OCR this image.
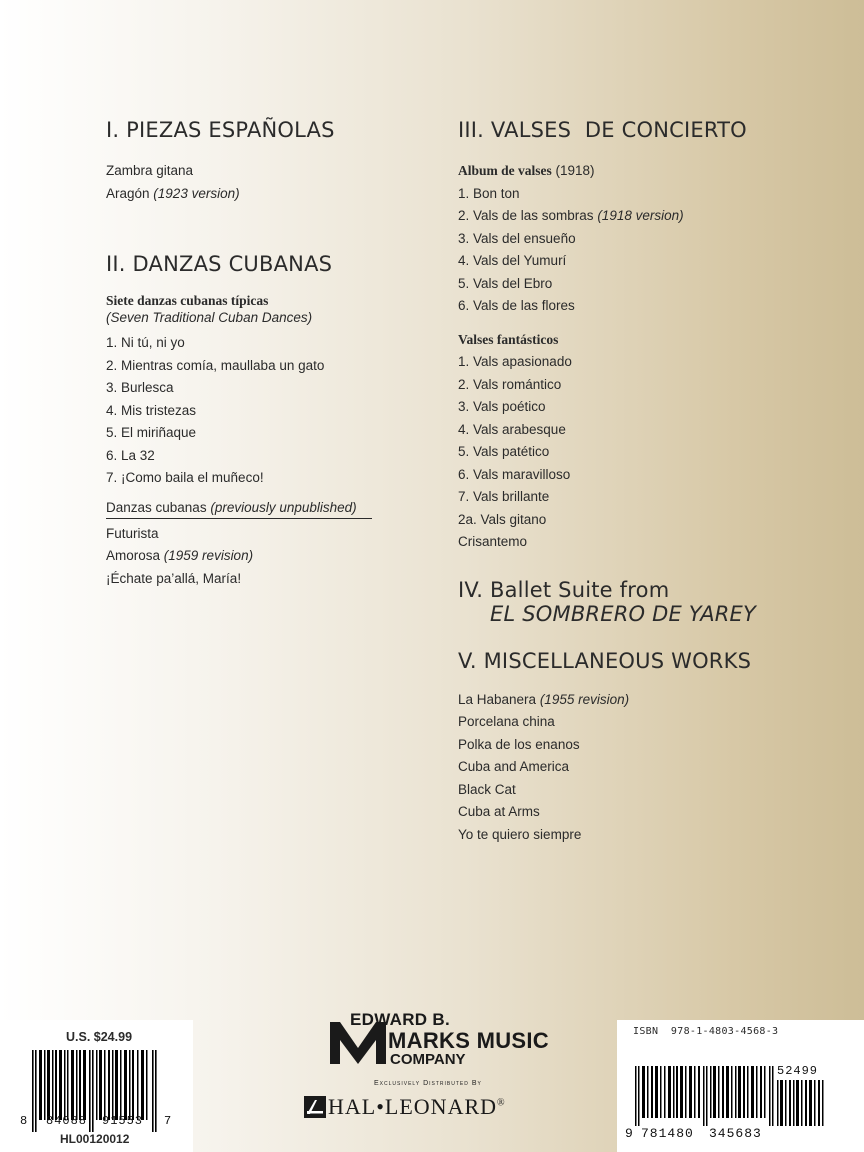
I. PIEZAS ESPAÑOLAS
Zambra gitana
Aragón (1923 version)
II. DANZAS CUBANAS
Siete danzas cubanas típicas
(Seven Traditional Cuban Dances)
1. Ni tú, ni yo
2. Mientras comía, maullaba un gato
3. Burlesca
4. Mis tristezas
5. El miriñaque
6. La 32
7. ¡Como baila el muñeco!
Danzas cubanas (previously unpublished)
Futurista
Amorosa (1959 revision)
¡Échate pa’allá, María!
III. VALSES  DE CONCIERTO
Album de valses (1918)
1. Bon ton
2. Vals de las sombras (1918 version)
3. Vals del ensueño
4. Vals del Yumurí
5. Vals del Ebro
6. Vals de las flores
Valses fantásticos
1. Vals apasionado
2. Vals romántico
3. Vals poético
4. Vals arabesque
5. Vals patético
6. Vals maravilloso
7. Vals brillante
2a. Vals gitano
Crisantemo
IV. Ballet Suite from
EL SOMBRERO DE YAREY
V. MISCELLANEOUS WORKS
La Habanera (1955 revision)
Porcelana china
Polka de los enanos
Cuba and America
Black Cat
Cuba at Arms
Yo te quiero siempre
EDWARD B.
MARKS MUSIC
COMPANY
Exclusively Distributed By
HAL•LEONARD®
U.S. $24.99
8 84088 91553 7
HL00120012
ISBN  978-1-4803-4568-3
52499
9 781480 345683
